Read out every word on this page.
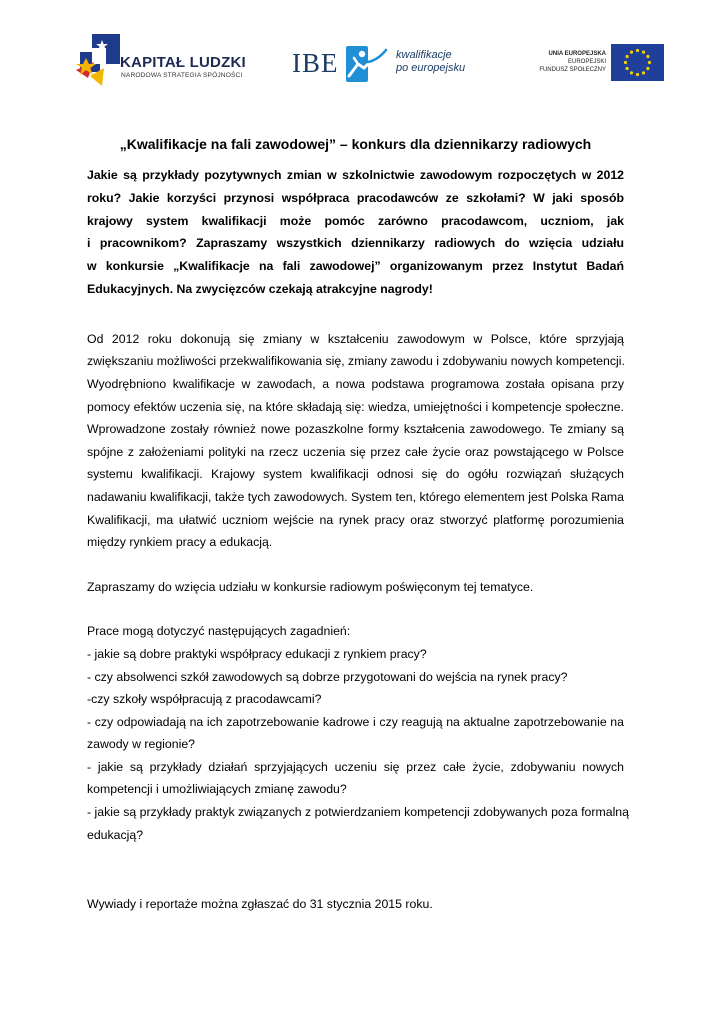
KAPITAŁ LUDZKI
NARODOWA STRATEGIA SPÓJNOŚCI IBE	kwalifikacje
po europejsku
UNIA EUROPEJSKA
EUROPEJSKI
FUNDUSZ SPOŁECZNY
„Kwalifikacje na fali zawodowej” – konkurs dla dziennikarzy radiowych
Jakie są przykłady pozytywnych zmian w szkolnictwie zawodowym rozpoczętych w 2012
roku? Jakie korzyści przynosi współpraca pracodawców ze szkołami? W jaki sposób
krajowy system kwalifikacji może pomóc zarówno pracodawcom, uczniom, jak
i pracownikom? Zapraszamy wszystkich dziennikarzy radiowych do wzięcia udziału
w konkursie „Kwalifikacje na fali zawodowej” organizowanym przez Instytut Badań
Edukacyjnych. Na zwycięzców czekają atrakcyjne nagrody!
Od 2012 roku dokonują się zmiany w kształceniu zawodowym w Polsce, które sprzyjają
zwiększaniu możliwości przekwalifikowania się, zmiany zawodu i zdobywaniu nowych kompetencji.
Wyodrębniono kwalifikacje w zawodach, a nowa podstawa programowa została opisana przy
pomocy efektów uczenia się, na które składają się: wiedza, umiejętności i kompetencje społeczne.
Wprowadzone zostały również nowe pozaszkolne formy kształcenia zawodowego. Te zmiany są
spójne z założeniami polityki na rzecz uczenia się przez całe życie oraz powstającego w Polsce
systemu kwalifikacji. Krajowy system kwalifikacji odnosi się do ogółu rozwiązań służących
nadawaniu kwalifikacji, także tych zawodowych. System ten, którego elementem jest Polska Rama
Kwalifikacji, ma ułatwić uczniom wejście na rynek pracy oraz stworzyć platformę porozumienia
między rynkiem pracy a edukacją.
Zapraszamy do wzięcia udziału w konkursie radiowym poświęconym tej tematyce.
Prace mogą dotyczyć następujących zagadnień:
- jakie są dobre praktyki współpracy edukacji z rynkiem pracy?
- czy absolwenci szkół zawodowych są dobrze przygotowani do wejścia na rynek pracy?
-czy szkoły współpracują z pracodawcami?
- czy odpowiadają na ich zapotrzebowanie kadrowe i czy reagują na aktualne zapotrzebowanie na
zawody w regionie?
- jakie są przykłady działań sprzyjających uczeniu się przez całe życie, zdobywaniu nowych
kompetencji i umożliwiających zmianę zawodu?
- jakie są przykłady praktyk związanych z potwierdzaniem kompetencji zdobywanych poza formalną
edukacją?
Wywiady i reportaże można zgłaszać do 31 stycznia 2015 roku.
